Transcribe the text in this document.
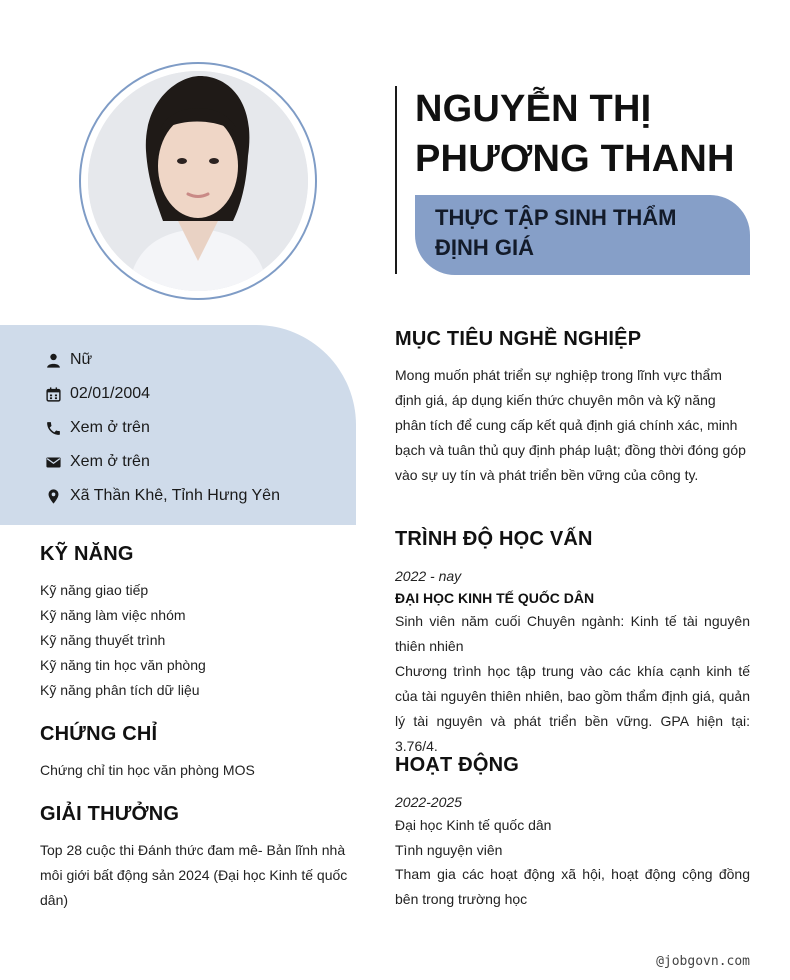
NGUYỄN THỊ
PHƯƠNG THANH
THỰC TẬP SINH THẨM
ĐỊNH GIÁ
Nữ
02/01/2004
Xem ở trên
Xem ở trên
Xã Thần Khê, Tỉnh Hưng Yên
KỸ NĂNG
Kỹ năng giao tiếp
Kỹ năng làm việc nhóm
Kỹ năng thuyết trình
Kỹ năng tin học văn phòng
Kỹ năng phân tích dữ liệu
CHỨNG CHỈ

Chứng chỉ tin học văn phòng MOS

GIẢI THƯỞNG

Top 28 cuộc thi Đánh thức đam mê- Bản lĩnh nhà môi giới bất động sản 2024 (Đại học Kinh tế quốc dân)

MỤC TIÊU NGHỀ NGHIỆP

Mong muốn phát triển sự nghiệp trong lĩnh vực thẩm định giá, áp dụng kiến thức chuyên môn và kỹ năng phân tích để cung cấp kết quả định giá chính xác, minh bạch và tuân thủ quy định pháp luật; đồng thời đóng góp vào sự uy tín và phát triển bền vững của công ty.

TRÌNH ĐỘ HỌC VẤN
2022 - nay
ĐẠI HỌC KINH TẾ QUỐC DÂN

Sinh viên năm cuối Chuyên ngành: Kinh tế tài nguyên thiên nhiên

Chương trình học tập trung vào các khía cạnh kinh tế của tài nguyên thiên nhiên, bao gồm thẩm định giá, quản lý tài nguyên và phát triển bền vững. GPA hiện tại: 3.76/4.

HOẠT ĐỘNG
2022-2025
Đại học Kinh tế quốc dân
Tình nguyện viên

Tham gia các hoạt động xã hội, hoạt động cộng đồng bên trong trường học

@jobgovn.com
